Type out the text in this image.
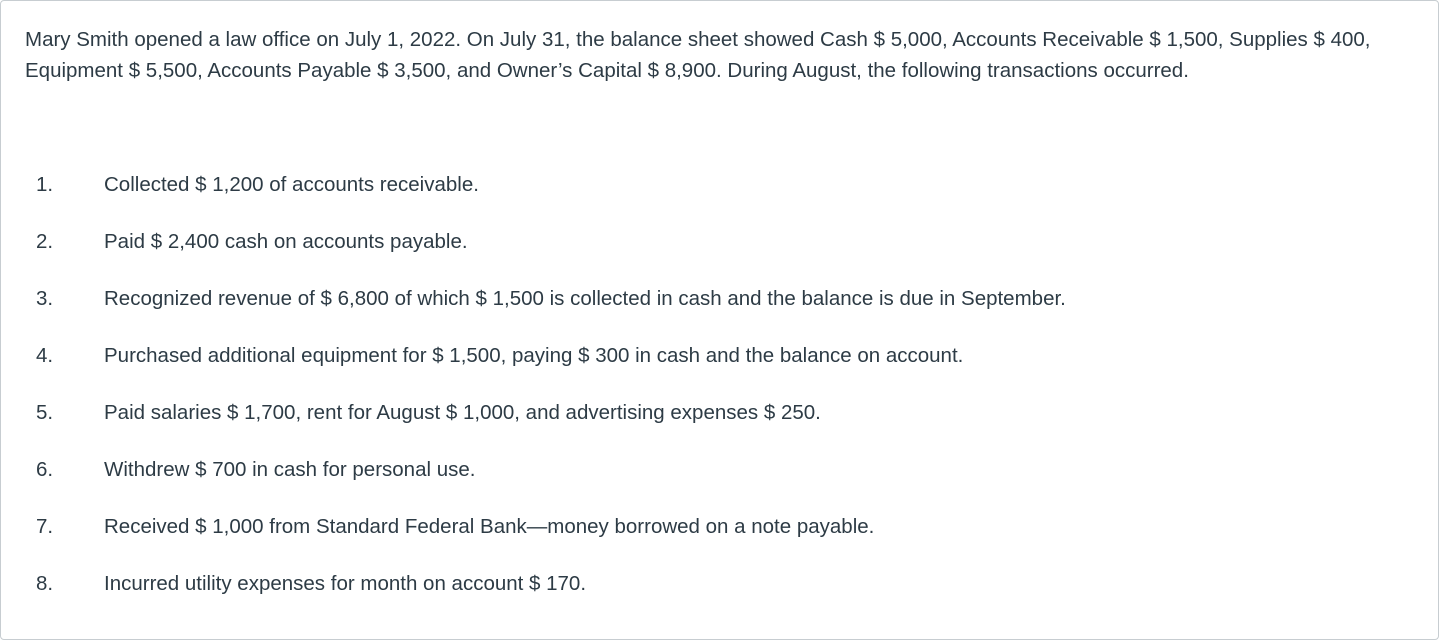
Mary Smith opened a law office on July 1, 2022. On July 31, the balance sheet showed Cash $ 5,000, Accounts Receivable $ 1,500, Supplies $ 400, Equipment $ 5,500, Accounts Payable $ 3,500, and Owner’s Capital $ 8,900. During August, the following transactions occurred.

1. Collected $ 1,200 of accounts receivable.
2. Paid $ 2,400 cash on accounts payable.
3. Recognized revenue of $ 6,800 of which $ 1,500 is collected in cash and the balance is due in September.
4. Purchased additional equipment for $ 1,500, paying $ 300 in cash and the balance on account.
5. Paid salaries $ 1,700, rent for August $ 1,000, and advertising expenses $ 250.
6. Withdrew $ 700 in cash for personal use.
7. Received $ 1,000 from Standard Federal Bank—money borrowed on a note payable.
8. Incurred utility expenses for month on account $ 170.
